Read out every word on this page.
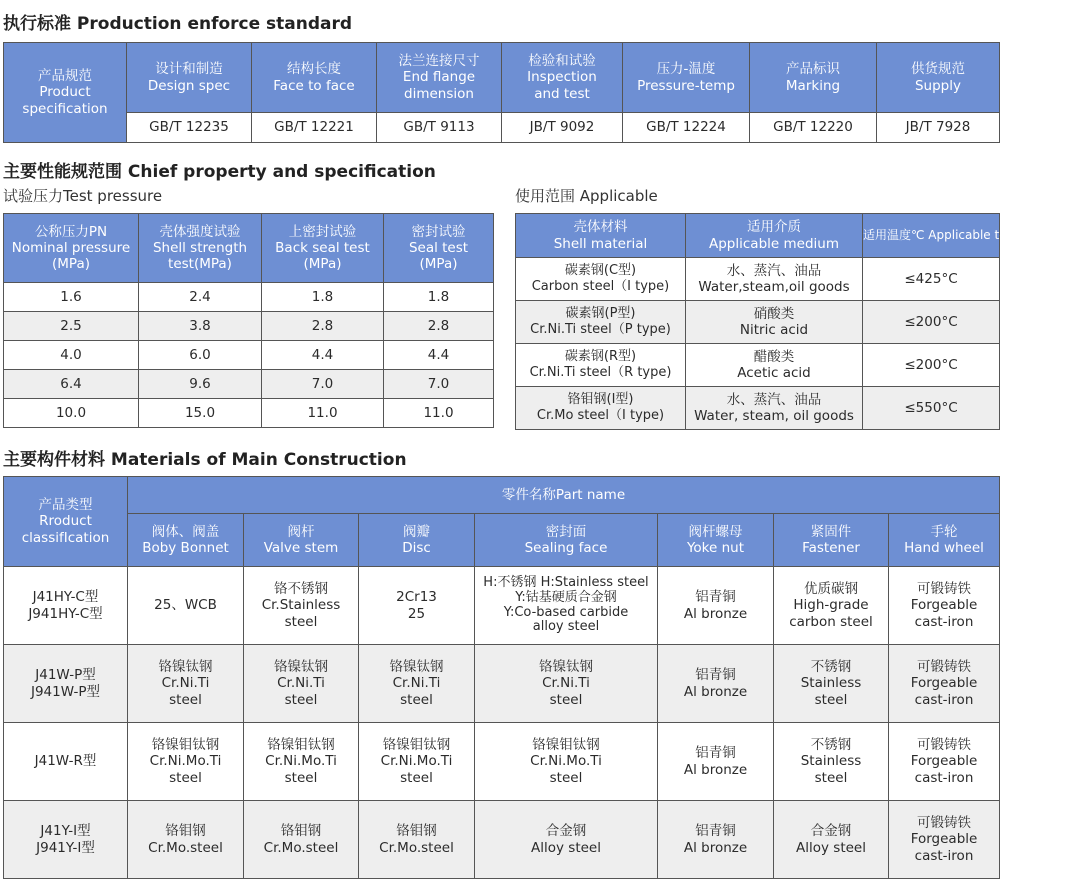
执行标准 Production enforce standard
产品规范
Product
specification	设计和制造
Design spec	结构长度
Face to face	法兰连接尺寸
End flange
dimension	检验和试验
Inspection
and test	压力-温度
Pressure-temp	产品标识
Marking	供货规范
Supply
	GB/T 12235	GB/T 12221	GB/T 9113	JB/T 9092	GB/T 12224	GB/T 12220	JB/T 7928
主要性能规范围 Chief property and specification
试验压力Test pressure	使用范围 Applicable
公称压力PN
Nominal pressure
(MPa)	壳体强度试验
Shell strength
test(MPa)	上密封试验
Back seal test
(MPa)	密封试验
Seal test
(MPa)
1.6	2.4	1.8	1.8
2.5	3.8	2.8	2.8
4.0	6.0	4.4	4.4
6.4	9.6	7.0	7.0
10.0	15.0	11.0	11.0
壳体材料
Shell material	适用介质
Applicable medium	适用温度℃ Applicable temperature
碳素钢(C型)
Carbon steel（I type)	水、蒸汽、油品
Water,steam,oil goods	≤425°C
碳素钢(P型)
Cr.Ni.Ti steel（P type)	硝酸类
Nitric acid	≤200°C
碳素钢(R型)
Cr.Ni.Ti steel（R type)	醋酸类
Acetic acid	≤200°C
铬钼钢(I型)
Cr.Mo steel（I type)	水、蒸汽、油品
Water, steam, oil goods	≤550°C
主要构件材料 Materials of Main Construction
产品类型
Rroduct
classifIcation	零件名称Part name						
	阀体、阀盖
Boby Bonnet	阀杆
Valve stem	阀瓣
Disc	密封面
Sealing face	阀杆螺母
Yoke nut	紧固件
Fastener	手轮
Hand wheel
J41HY-C型
J941HY-C型	25、WCB	铬不锈钢
Cr.Stainless
steel	2Cr13
25	H:不锈钢 H:Stainless steel
Y:钴基硬质合金钢
Y:Co-based carbide
alloy steel	铝青铜
Al bronze	优质碳钢
High-grade
carbon steel	可锻铸铁
Forgeable
cast-iron
J41W-P型
J941W-P型	铬镍钛钢
Cr.Ni.Ti
steel	铬镍钛钢
Cr.Ni.Ti
steel	铬镍钛钢
Cr.Ni.Ti
steel	铬镍钛钢
Cr.Ni.Ti
steel	铝青铜
Al bronze	不锈钢
Stainless
steel	可锻铸铁
Forgeable
cast-iron
J41W-R型	铬镍钼钛钢
Cr.Ni.Mo.Ti
steel	铬镍钼钛钢
Cr.Ni.Mo.Ti
steel	铬镍钼钛钢
Cr.Ni.Mo.Ti
steel	铬镍钼钛钢
Cr.Ni.Mo.Ti
steel	铝青铜
Al bronze	不锈钢
Stainless
steel	可锻铸铁
Forgeable
cast-iron
J41Y-I型
J941Y-I型	铬钼钢
Cr.Mo.steel	铬钼钢
Cr.Mo.steel	铬钼钢
Cr.Mo.steel	合金钢
Alloy steel	铝青铜
Al bronze	合金钢
Alloy steel	可锻铸铁
Forgeable
cast-iron
